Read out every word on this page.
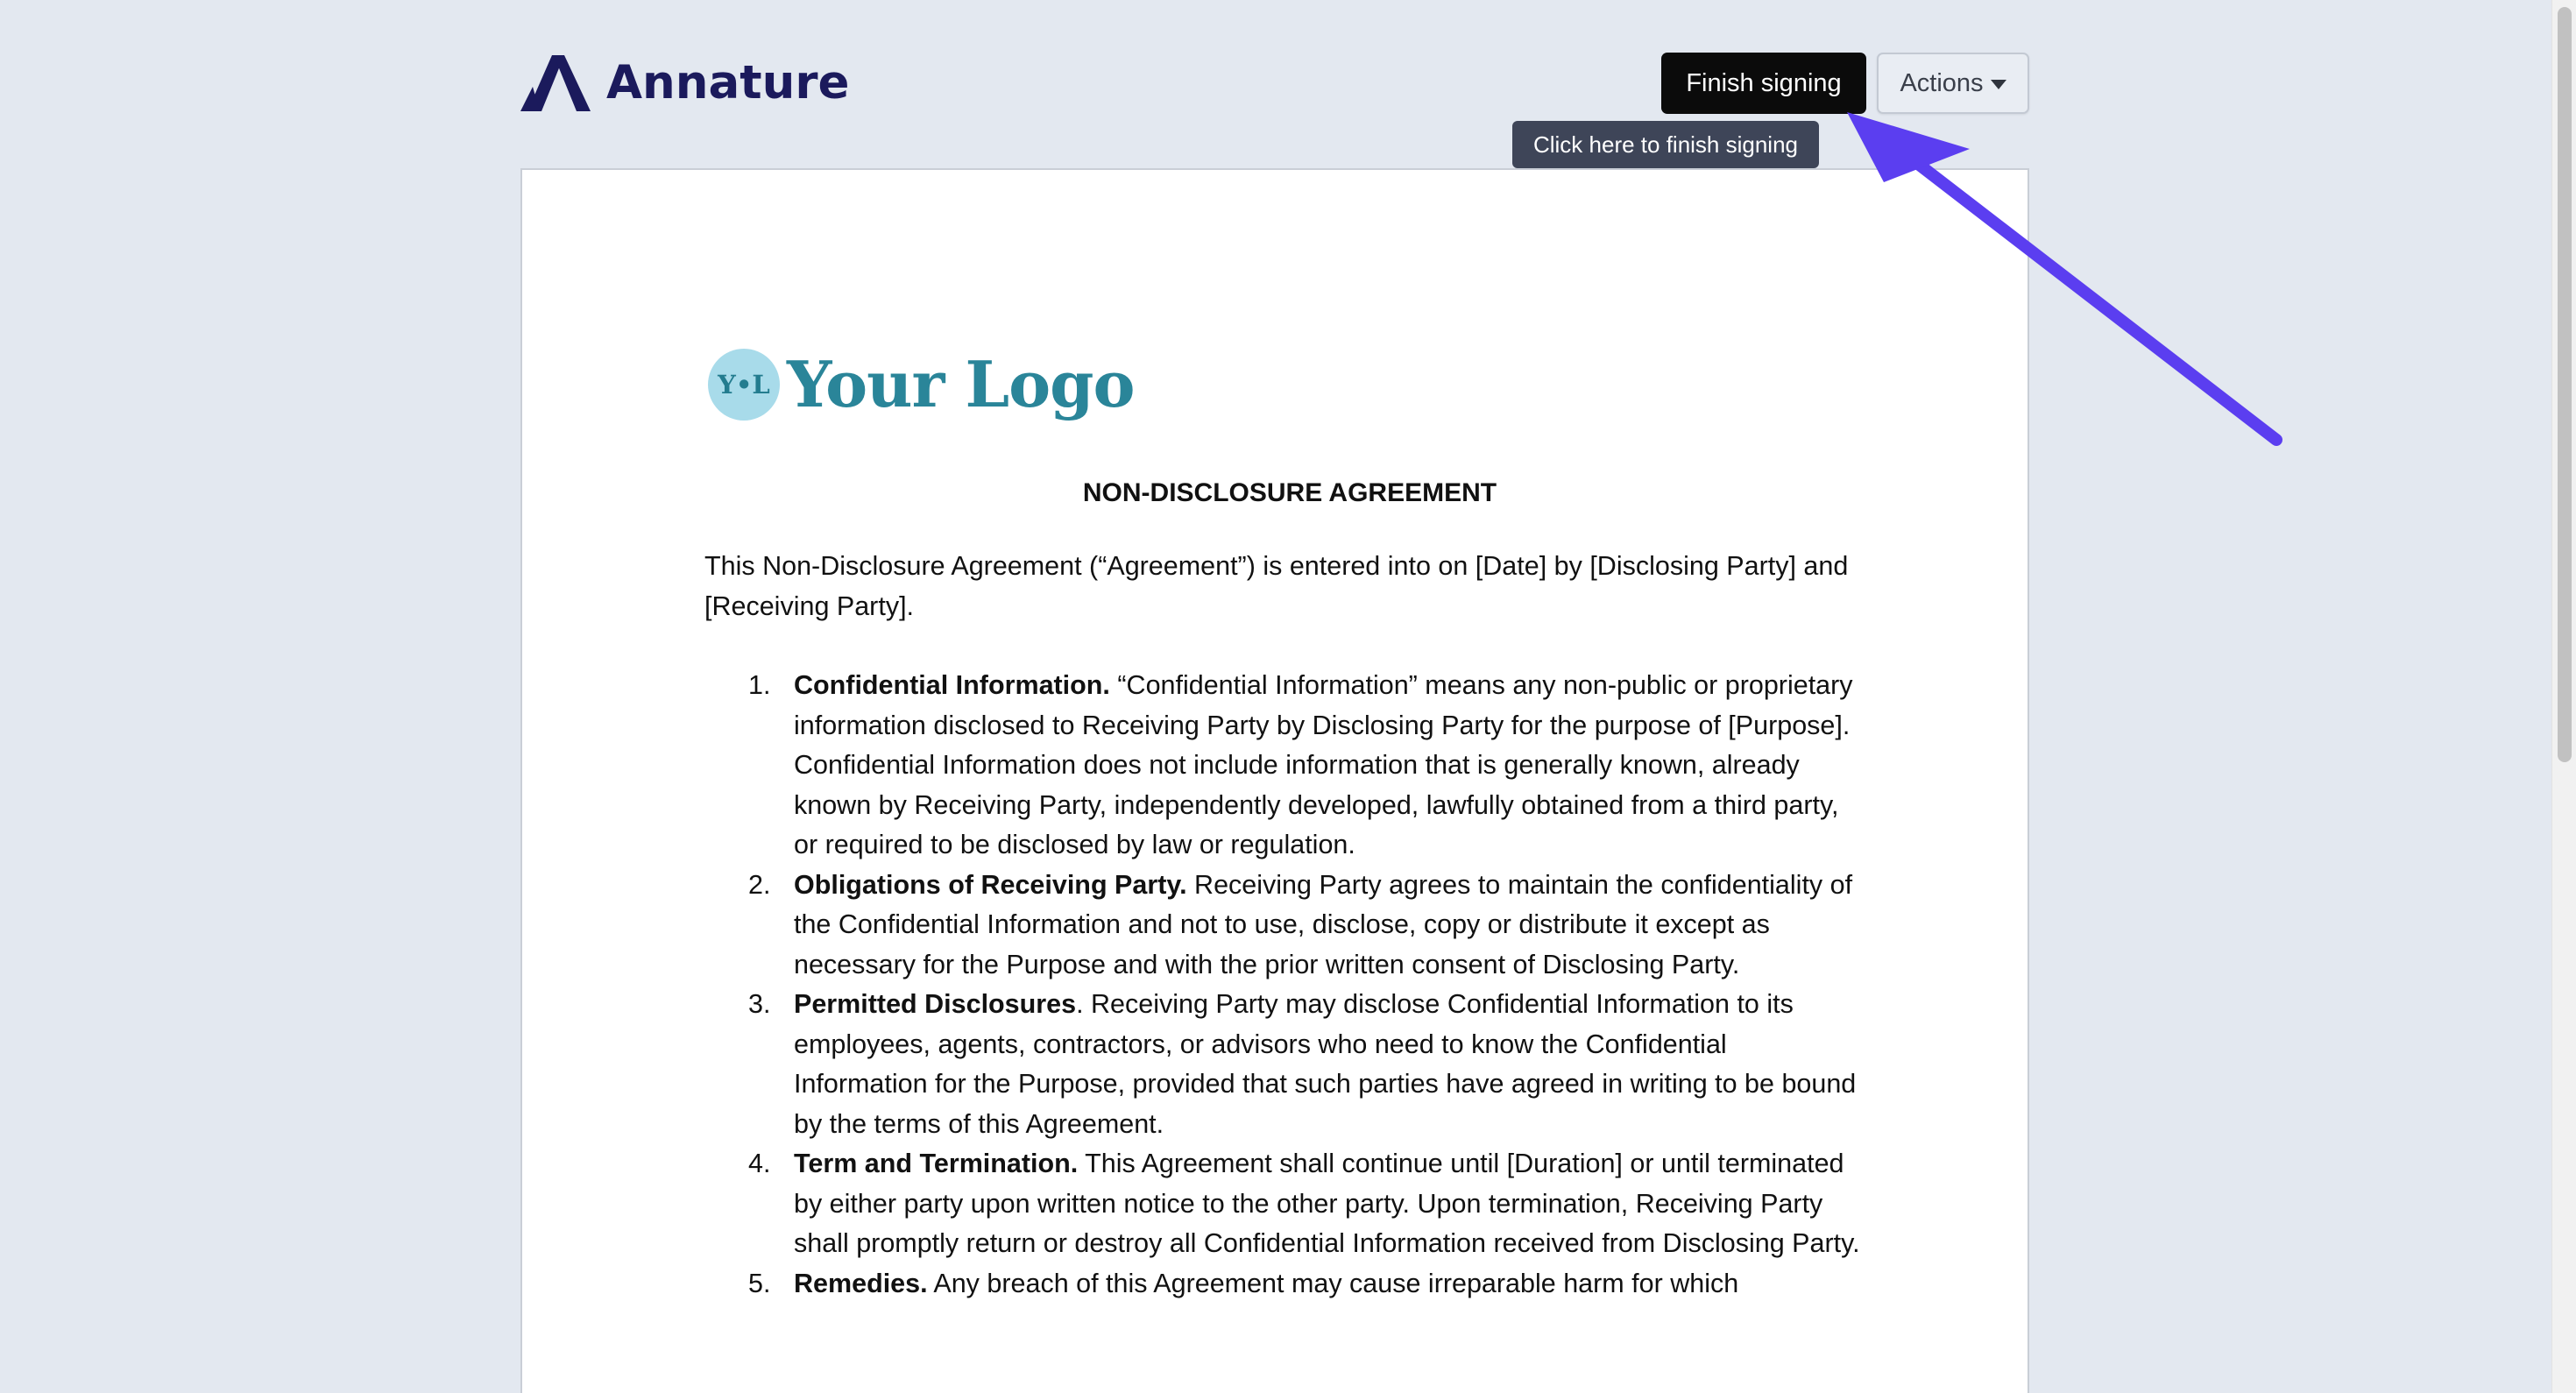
Annature	Finish signing	Actions
Click here to finish signing
Y•L Your Logo
NON-DISCLOSURE AGREEMENT

This Non-Disclosure Agreement (“Agreement”) is entered into on [Date] by [Disclosing Party] and [Receiving Party].

1. Confidential Information. “Confidential Information” means any non-public or proprietary information disclosed to Receiving Party by Disclosing Party for the purpose of [Purpose]. Confidential Information does not include information that is generally known, already known by Receiving Party, independently developed, lawfully obtained from a third party, or required to be disclosed by law or regulation.
2. Obligations of Receiving Party. Receiving Party agrees to maintain the confidentiality of the Confidential Information and not to use, disclose, copy or distribute it except as necessary for the Purpose and with the prior written consent of Disclosing Party.
3. Permitted Disclosures. Receiving Party may disclose Confidential Information to its employees, agents, contractors, or advisors who need to know the Confidential Information for the Purpose, provided that such parties have agreed in writing to be bound by the terms of this Agreement.
4. Term and Termination. This Agreement shall continue until [Duration] or until terminated by either party upon written notice to the other party. Upon termination, Receiving Party shall promptly return or destroy all Confidential Information received from Disclosing Party.
5. Remedies. Any breach of this Agreement may cause irreparable harm for which
